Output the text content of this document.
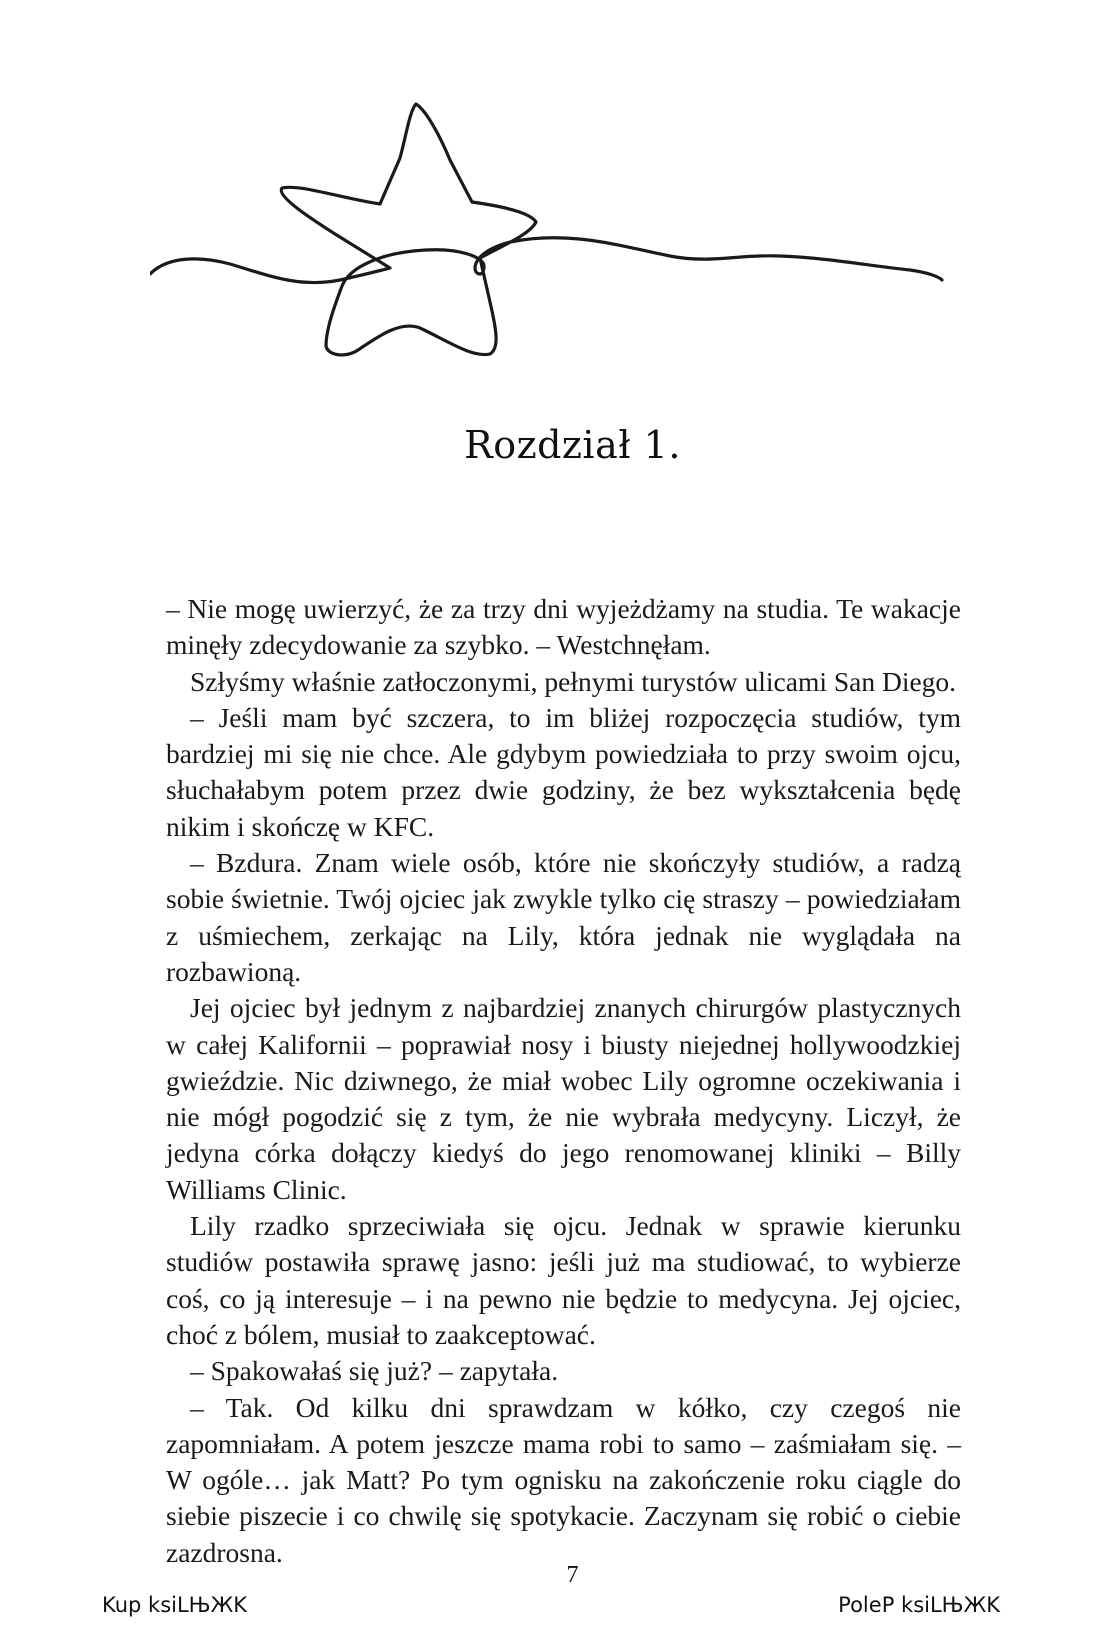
Rozdział 1.

– Nie mogę uwierzyć, że za trzy dni wyjeżdżamy na studia. Te wakacje minęły zdecydowanie za szybko. – Westchnęłam.

Szłyśmy właśnie zatłoczonymi, pełnymi turystów ulicami San Diego.

– Jeśli mam być szczera, to im bliżej rozpoczęcia studiów, tym bardziej mi się nie chce. Ale gdybym powiedziała to przy swoim ojcu, słuchałabym potem przez dwie godziny, że bez wykształcenia będę nikim i skończę w KFC.

– Bzdura. Znam wiele osób, które nie skończyły studiów, a radzą sobie świetnie. Twój ojciec jak zwykle tylko cię straszy – powiedziałam z uśmiechem, zerkając na Lily, która jednak nie wyglądała na rozbawioną.

Jej ojciec był jednym z najbardziej znanych chirurgów plastycznych w całej Kalifornii – poprawiał nosy i biusty niejednej hollywoodzkiej gwieździe. Nic dziwnego, że miał wobec Lily ogromne oczekiwania i nie mógł pogodzić się z tym, że nie wybrała medycyny. Liczył, że jedyna córka dołączy kiedyś do jego renomowanej kliniki – Billy Williams Clinic.

Lily rzadko sprzeciwiała się ojcu. Jednak w sprawie kierunku studiów postawiła sprawę jasno: jeśli już ma studiować, to wybierze coś, co ją interesuje – i na pewno nie będzie to medycyna. Jej ojciec, choć z bólem, musiał to zaakceptować.

– Spakowałaś się już? – zapytała.

– Tak. Od kilku dni sprawdzam w kółko, czy czegoś nie zapomniałam. A potem jeszcze mama robi to samo – zaśmiałam się. – W ogóle… jak Matt? Po tym ognisku na zakończenie roku ciągle do siebie piszecie i co chwilę się spotykacie. Zaczynam się robić o ciebie zazdrosna.

7
Kup ksiLЊЖK	PoleP ksiLЊЖK
